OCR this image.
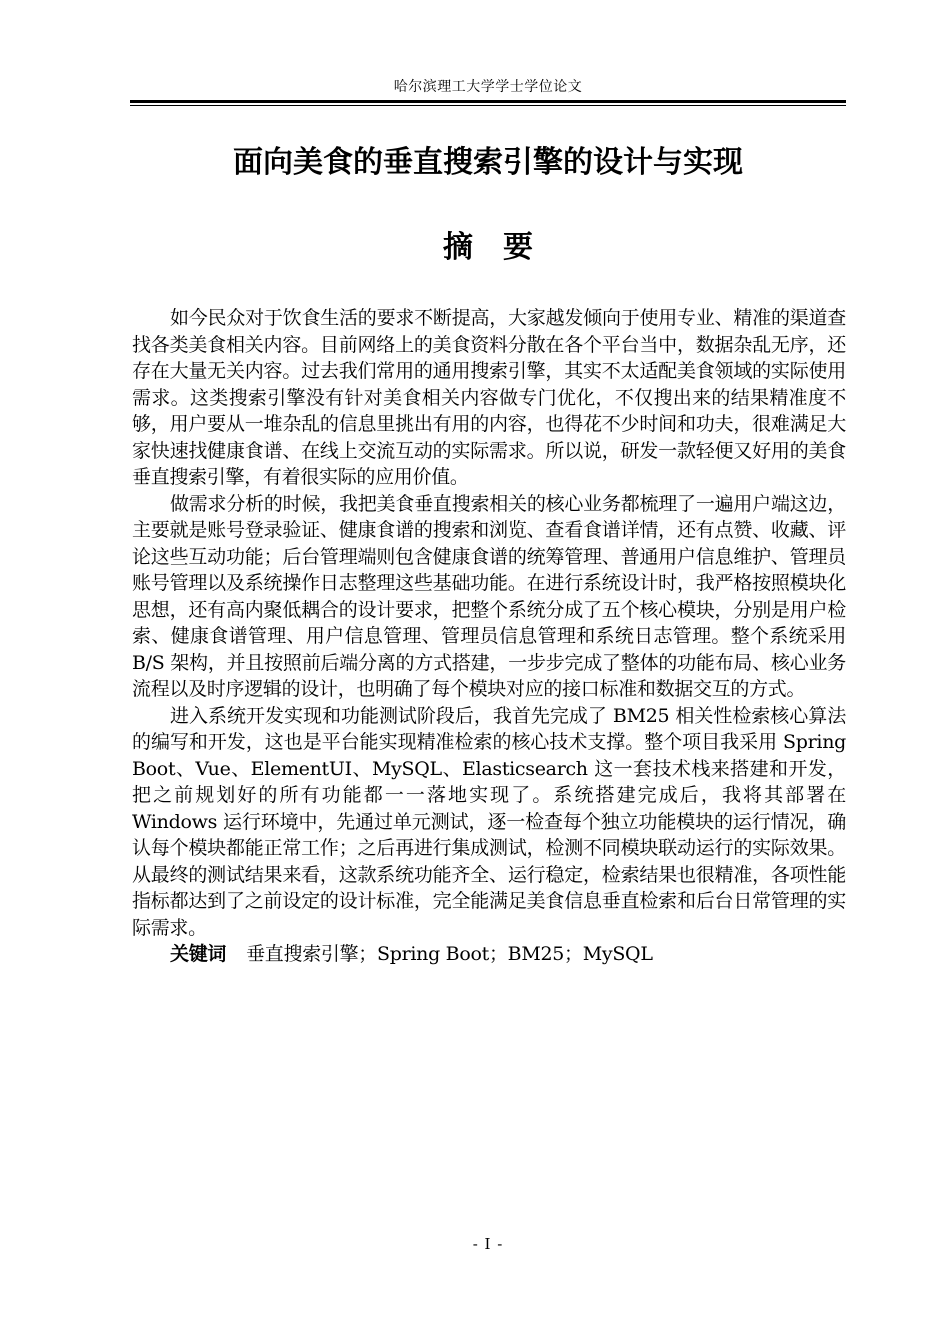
哈尔滨理工大学学士学位论文
面向美食的垂直搜索引擎的设计与实现
摘要

如今民众对于饮食生活的要求不断提高，大家越发倾向于使用专业、精准的渠道查找各类美食相关内容。目前网络上的美食资料分散在各个平台当中，数据杂乱无序，还存在大量无关内容。过去我们常用的通用搜索引擎，其实不太适配美食领域的实际使用需求。这类搜索引擎没有针对美食相关内容做专门优化，不仅搜出来的结果精准度不够，用户要从一堆杂乱的信息里挑出有用的内容，也得花不少时间和功夫，很难满足大家快速找健康食谱、在线上交流互动的实际需求。所以说，研发一款轻便又好用的美食垂直搜索引擎，有着很实际的应用价值。

做需求分析的时候，我把美食垂直搜索相关的核心业务都梳理了一遍用户端这边，主要就是账号登录验证、健康食谱的搜索和浏览、查看食谱详情，还有点赞、收藏、评论这些互动功能；后台管理端则包含健康食谱的统筹管理、普通用户信息维护、管理员账号管理以及系统操作日志整理这些基础功能。在进行系统设计时，我严格按照模块化思想，还有高内聚低耦合的设计要求，把整个系统分成了五个核心模块，分别是用户检索、健康食谱管理、用户信息管理、管理员信息管理和系统日志管理。整个系统采用 B/S 架构，并且按照前后端分离的方式搭建，一步步完成了整体的功能布局、核心业务流程以及时序逻辑的设计，也明确了每个模块对应的接口标准和数据交互的方式。

进入系统开发实现和功能测试阶段后，我首先完成了 BM25 相关性检索核心算法的编写和开发，这也是平台能实现精准检索的核心技术支撑。整个项目我采用 Spring Boot、Vue、ElementUI、MySQL、Elasticsearch 这一套技术栈来搭建和开发，把之前规划好的所有功能都一一落地实现了。系统搭建完成后，我将其部署在 Windows 运行环境中，先通过单元测试，逐一检查每个独立功能模块的运行情况，确认每个模块都能正常工作；之后再进行集成测试，检测不同模块联动运行的实际效果。从最终的测试结果来看，这款系统功能齐全、运行稳定，检索结果也很精准，各项性能指标都达到了之前设定的设计标准，完全能满足美食信息垂直检索和后台日常管理的实际需求。

关键词 垂直搜索引擎；Spring Boot；BM25；MySQL

- I -
